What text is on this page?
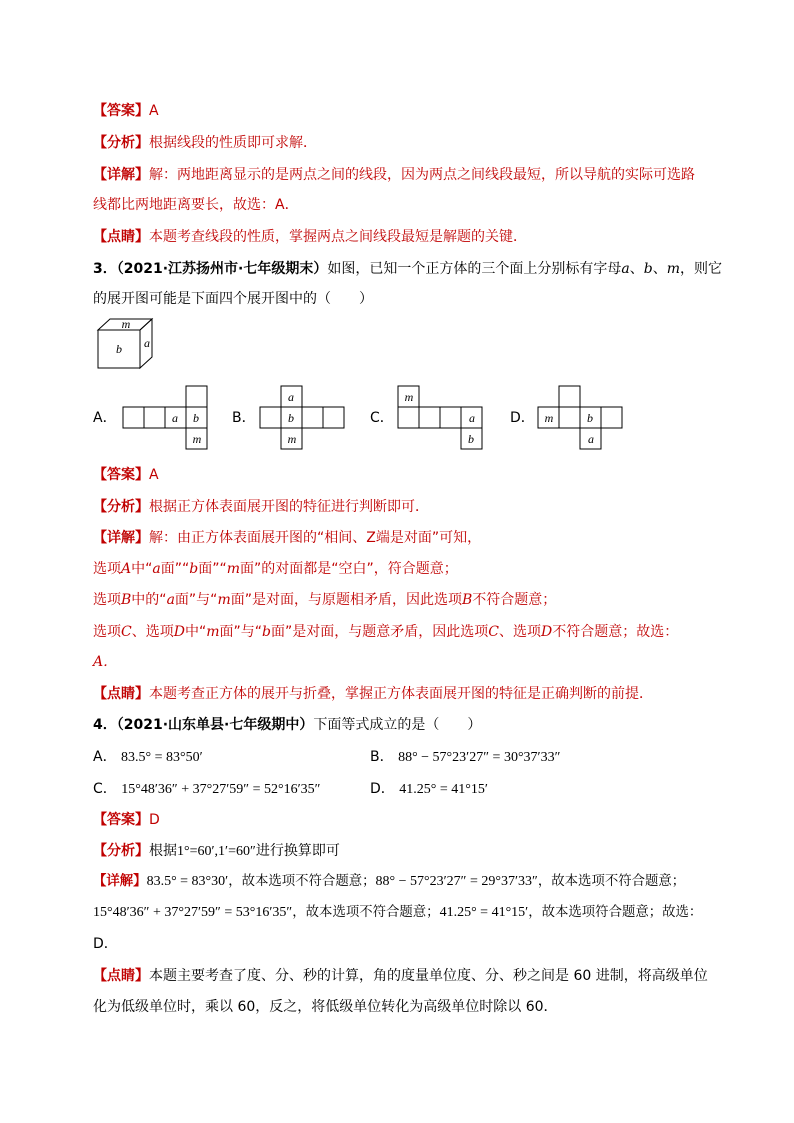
【答案】A
【分析】根据线段的性质即可求解．
【详解】解：两地距离显示的是两点之间的线段，因为两点之间线段最短，所以导航的实际可选路
线都比两地距离要长，故选：A．
【点睛】本题考查线段的性质，掌握两点之间线段最短是解题的关键．
3．（2021·江苏扬州市·七年级期末）如图，已知一个正方体的三个面上分别标有字母a、b、m，则它
的展开图可能是下面四个展开图中的（　　）
m
b a
A．	a b
m
B．
a
b
m
C．
m
a
b
D． m	b
a
【答案】A
【分析】根据正方体表面展开图的特征进行判断即可．
【详解】解：由正方体表面展开图的“相间、Z端是对面”可知，
选项A中“a面”“b面”“m面”的对面都是“空白”，符合题意；
选项B中的“a面”与“m面”是对面，与原题相矛盾，因此选项B不符合题意；
选项C、选项D中“m面”与“b面”是对面，与题意矛盾，因此选项C、选项D不符合题意；故选：
A．
【点睛】本题考查正方体的展开与折叠，掌握正方体表面展开图的特征是正确判断的前提．
4．（2021·山东单县·七年级期中）下面等式成立的是（　　）
A． 83.5° = 83°50′	B． 88° − 57°23′27″ = 30°37′33″
C． 15°48′36″ + 37°27′59″ = 52°16′35″	D． 41.25° = 41°15′
【答案】D
【分析】根据1°=60′,1′=60″进行换算即可
【详解】83.5° = 83°30′，故本选项不符合题意；88° − 57°23′27″ = 29°37′33″，故本选项不符合题意；
15°48′36″ + 37°27′59″ = 53°16′35″，故本选项不符合题意；41.25° = 41°15′，故本选项符合题意；故选：
D．
【点睛】本题主要考查了度、分、秒的计算，角的度量单位度、分、秒之间是 60 进制，将高级单位
化为低级单位时，乘以 60，反之，将低级单位转化为高级单位时除以 60．
